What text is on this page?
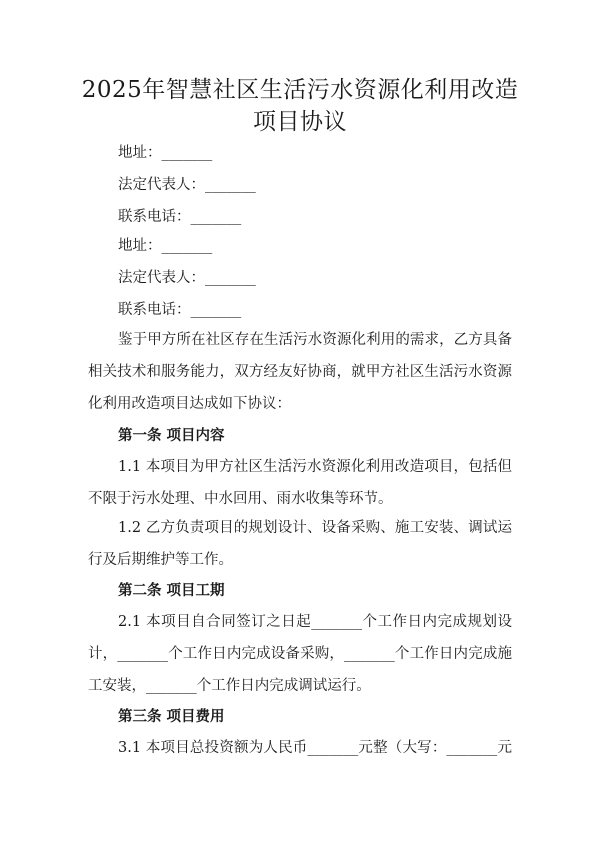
2025年智慧社区生活污水资源化利用改造
项目协议
地址：_______
法定代表人：_______
联系电话：_______
地址：_______
法定代表人：_______
联系电话：_______
鉴于甲方所在社区存在生活污水资源化利用的需求，乙方具备
相关技术和服务能力，双方经友好协商，就甲方社区生活污水资源
化利用改造项目达成如下协议：
第一条 项目内容
1.1 本项目为甲方社区生活污水资源化利用改造项目，包括但
不限于污水处理、中水回用、雨水收集等环节。
1.2 乙方负责项目的规划设计、设备采购、施工安装、调试运
行及后期维护等工作。
第二条 项目工期
2.1 本项目自合同签订之日起_______个工作日内完成规划设
计，_______个工作日内完成设备采购，_______个工作日内完成施
工安装，_______个工作日内完成调试运行。
第三条 项目费用
3.1 本项目总投资额为人民币_______元整（大写：_______元
